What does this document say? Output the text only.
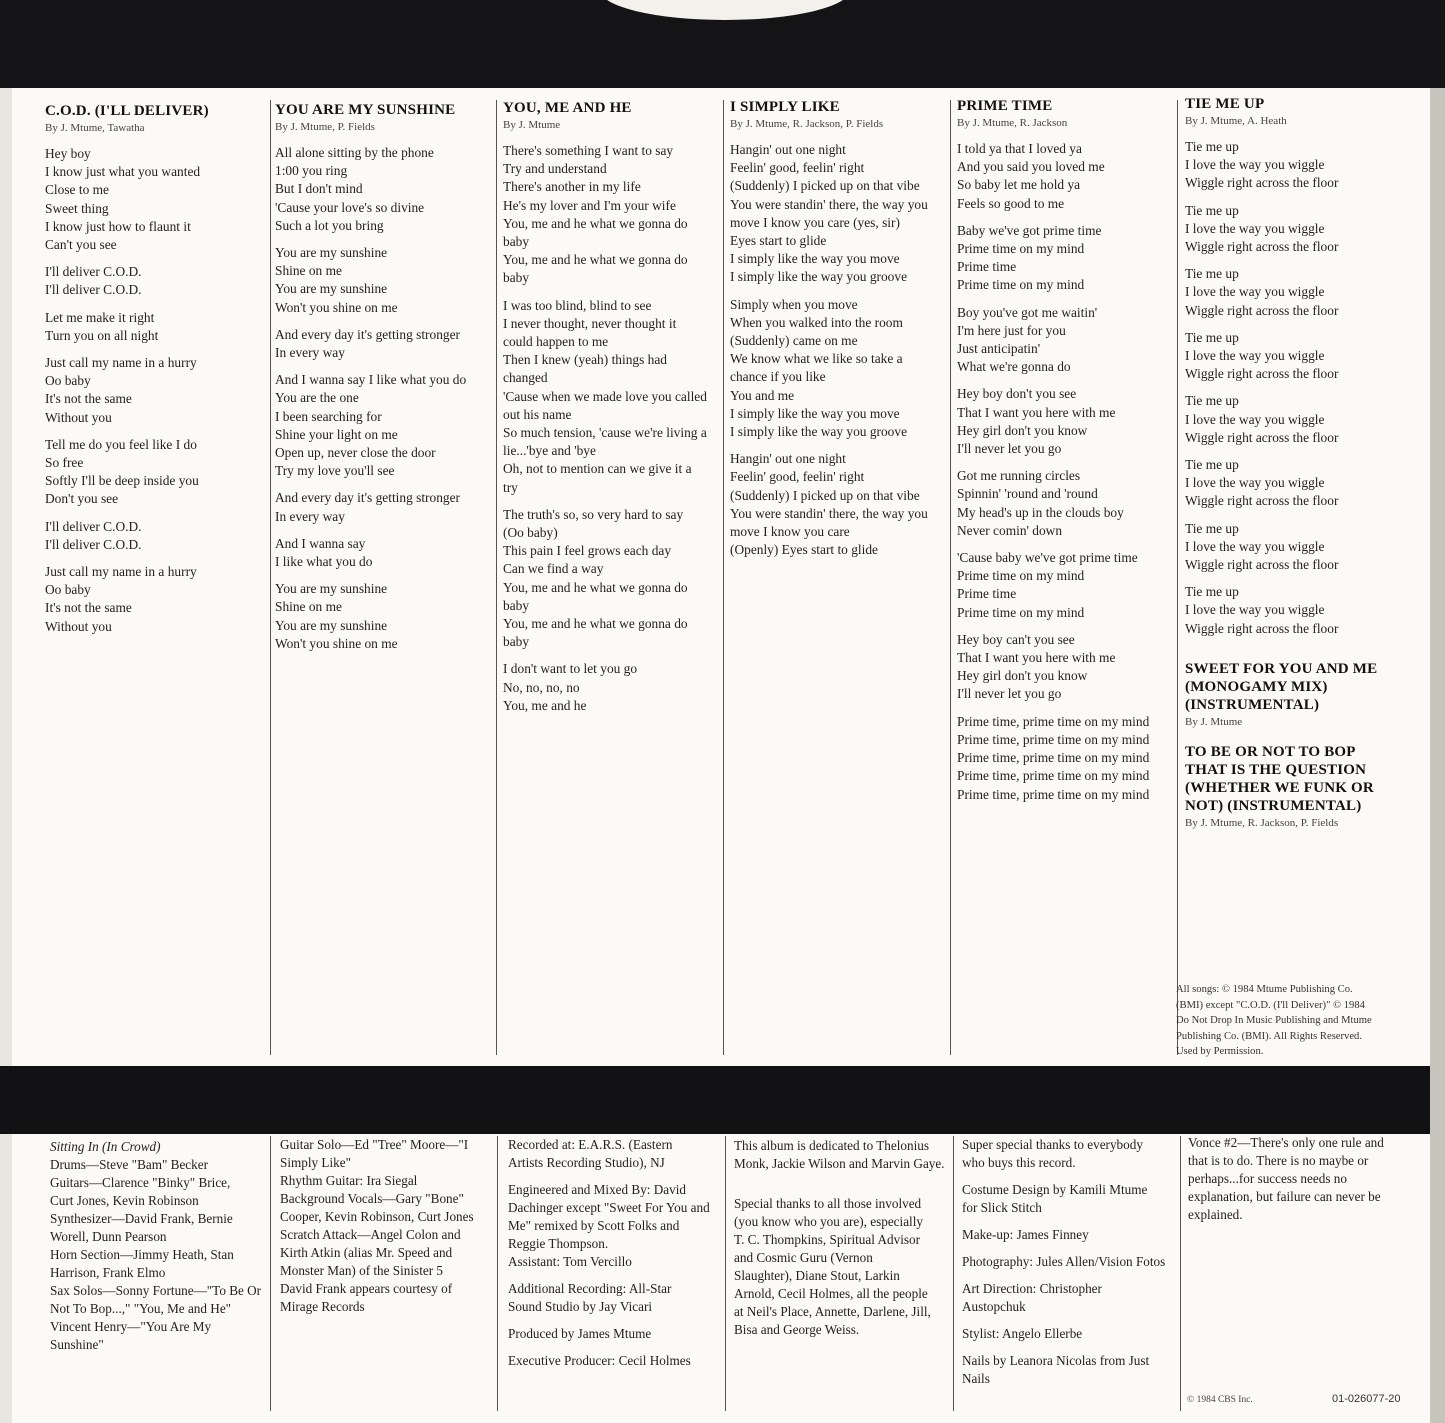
C.O.D. (I'LL DELIVER)
By J. Mtume, Tawatha
Hey boy
I know just what you wanted
Close to me
Sweet thing
I know just how to flaunt it
Can't you see
I'll deliver C.O.D.
I'll deliver C.O.D.
Let me make it right
Turn you on all night
Just call my name in a hurry
Oo baby
It's not the same
Without you
Tell me do you feel like I do
So free
Softly I'll be deep inside you
Don't you see
I'll deliver C.O.D.
I'll deliver C.O.D.
Just call my name in a hurry
Oo baby
It's not the same
Without you
YOU ARE MY SUNSHINE
By J. Mtume, P. Fields
All alone sitting by the phone
1:00 you ring
But I don't mind
'Cause your love's so divine
Such a lot you bring
You are my sunshine
Shine on me
You are my sunshine
Won't you shine on me
And every day it's getting stronger
In every way
And I wanna say I like what you do
You are the one
I been searching for
Shine your light on me
Open up, never close the door
Try my love you'll see
And every day it's getting stronger
In every way
And I wanna say
I like what you do
You are my sunshine
Shine on me
You are my sunshine
Won't you shine on me
YOU, ME AND HE
By J. Mtume
There's something I want to say
Try and understand
There's another in my life
He's my lover and I'm your wife
You, me and he what we gonna do
baby
You, me and he what we gonna do
baby
I was too blind, blind to see
I never thought, never thought it
could happen to me
Then I knew (yeah) things had
changed
'Cause when we made love you called
out his name
So much tension, 'cause we're living a
lie...'bye and 'bye
Oh, not to mention can we give it a
try
The truth's so, so very hard to say
(Oo baby)
This pain I feel grows each day
Can we find a way
You, me and he what we gonna do
baby
You, me and he what we gonna do
baby
I don't want to let you go
No, no, no, no
You, me and he
I SIMPLY LIKE
By J. Mtume, R. Jackson, P. Fields
Hangin' out one night
Feelin' good, feelin' right
(Suddenly) I picked up on that vibe
You were standin' there, the way you
move I know you care (yes, sir)
Eyes start to glide
I simply like the way you move
I simply like the way you groove
Simply when you move
When you walked into the room
(Suddenly) came on me
We know what we like so take a
chance if you like
You and me
I simply like the way you move
I simply like the way you groove
Hangin' out one night
Feelin' good, feelin' right
(Suddenly) I picked up on that vibe
You were standin' there, the way you
move I know you care
(Openly) Eyes start to glide
PRIME TIME
By J. Mtume, R. Jackson
I told ya that I loved ya
And you said you loved me
So baby let me hold ya
Feels so good to me
Baby we've got prime time
Prime time on my mind
Prime time
Prime time on my mind
Boy you've got me waitin'
I'm here just for you
Just anticipatin'
What we're gonna do
Hey boy don't you see
That I want you here with me
Hey girl don't you know
I'll never let you go
Got me running circles
Spinnin' 'round and 'round
My head's up in the clouds boy
Never comin' down
'Cause baby we've got prime time
Prime time on my mind
Prime time
Prime time on my mind
Hey boy can't you see
That I want you here with me
Hey girl don't you know
I'll never let you go
Prime time, prime time on my mind
Prime time, prime time on my mind
Prime time, prime time on my mind
Prime time, prime time on my mind
Prime time, prime time on my mind
TIE ME UP
By J. Mtume, A. Heath
Tie me up
I love the way you wiggle
Wiggle right across the floor
Tie me up
I love the way you wiggle
Wiggle right across the floor
Tie me up
I love the way you wiggle
Wiggle right across the floor
Tie me up
I love the way you wiggle
Wiggle right across the floor
Tie me up
I love the way you wiggle
Wiggle right across the floor
Tie me up
I love the way you wiggle
Wiggle right across the floor
Tie me up
I love the way you wiggle
Wiggle right across the floor
Tie me up
I love the way you wiggle
Wiggle right across the floor
SWEET FOR YOU AND ME
(MONOGAMY MIX)
(INSTRUMENTAL)
By J. Mtume
TO BE OR NOT TO BOP
THAT IS THE QUESTION
(WHETHER WE FUNK OR
NOT) (INSTRUMENTAL)
By J. Mtume, R. Jackson, P. Fields
All songs: © 1984 Mtume Publishing Co.
(BMI) except "C.O.D. (I'll Deliver)" © 1984
Do Not Drop In Music Publishing and Mtume
Publishing Co. (BMI). All Rights Reserved.
Used by Permission.
Sitting In (In Crowd)
Drums—Steve "Bam" Becker
Guitars—Clarence "Binky" Brice,
Curt Jones, Kevin Robinson
Synthesizer—David Frank, Bernie
Worell, Dunn Pearson
Horn Section—Jimmy Heath, Stan
Harrison, Frank Elmo
Sax Solos—Sonny Fortune—"To Be Or
Not To Bop...," "You, Me and He"
Vincent Henry—"You Are My
Sunshine"
Guitar Solo—Ed "Tree" Moore—"I
Simply Like"
Rhythm Guitar: Ira Siegal
Background Vocals—Gary "Bone"
Cooper, Kevin Robinson, Curt Jones
Scratch Attack—Angel Colon and
Kirth Atkin (alias Mr. Speed and
Monster Man) of the Sinister 5
David Frank appears courtesy of
Mirage Records
Recorded at: E.A.R.S. (Eastern
Artists Recording Studio), NJ
Engineered and Mixed By: David
Dachinger except "Sweet For You and
Me" remixed by Scott Folks and
Reggie Thompson.
Assistant: Tom Vercillo
Additional Recording: All-Star
Sound Studio by Jay Vicari
Produced by James Mtume
Executive Producer: Cecil Holmes
This album is dedicated to Thelonius
Monk, Jackie Wilson and Marvin Gaye.
Special thanks to all those involved
(you know who you are), especially
T. C. Thompkins, Spiritual Advisor
and Cosmic Guru (Vernon
Slaughter), Diane Stout, Larkin
Arnold, Cecil Holmes, all the people
at Neil's Place, Annette, Darlene, Jill,
Bisa and George Weiss.
Super special thanks to everybody
who buys this record.
Costume Design by Kamili Mtume
for Slick Stitch
Make-up: James Finney
Photography: Jules Allen/Vision Fotos
Art Direction: Christopher
Austopchuk
Stylist: Angelo Ellerbe
Nails by Leanora Nicolas from Just
Nails
Vonce #2—There's only one rule and
that is to do. There is no maybe or
perhaps...for success needs no
explanation, but failure can never be
explained.
© 1984 CBS Inc.	01-026077-20
